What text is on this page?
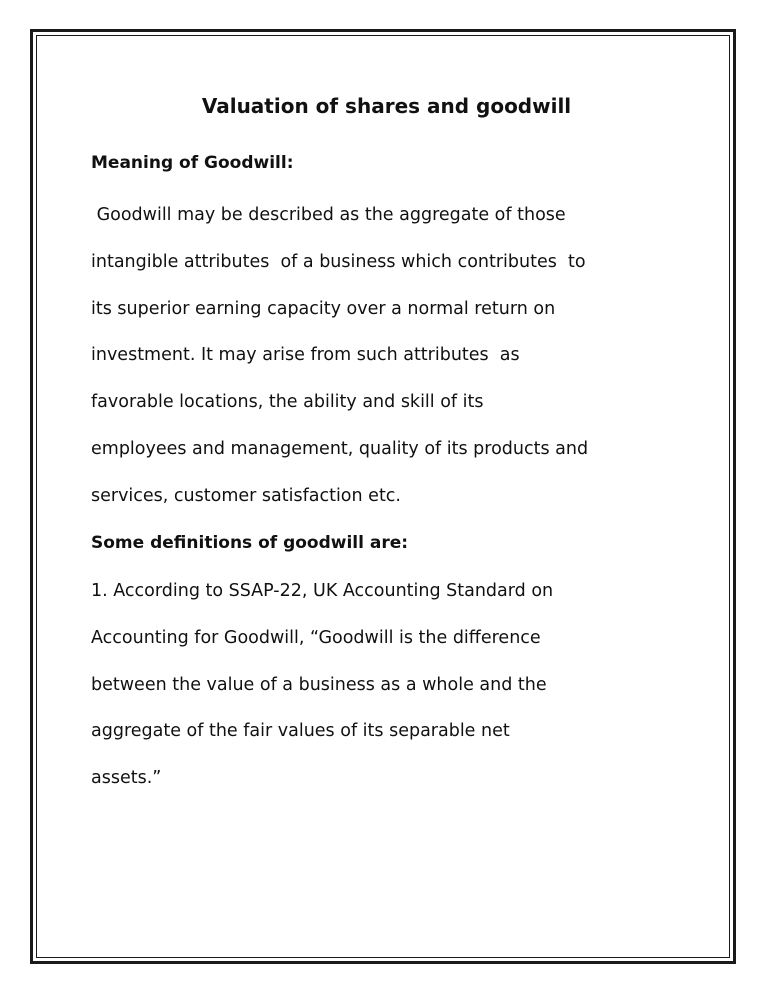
Valuation of shares and goodwill
Meaning of Goodwill:
Goodwill may be described as the aggregate of those
intangible attributes  of a business which contributes  to
its superior earning capacity over a normal return on
investment. It may arise from such attributes  as
favorable locations, the ability and skill of its
employees and management, quality of its products and
services, customer satisfaction etc.
Some definitions of goodwill are:
1. According to SSAP-22, UK Accounting Standard on
Accounting for Goodwill, “Goodwill is the difference
between the value of a business as a whole and the
aggregate of the fair values of its separable net
assets.”
